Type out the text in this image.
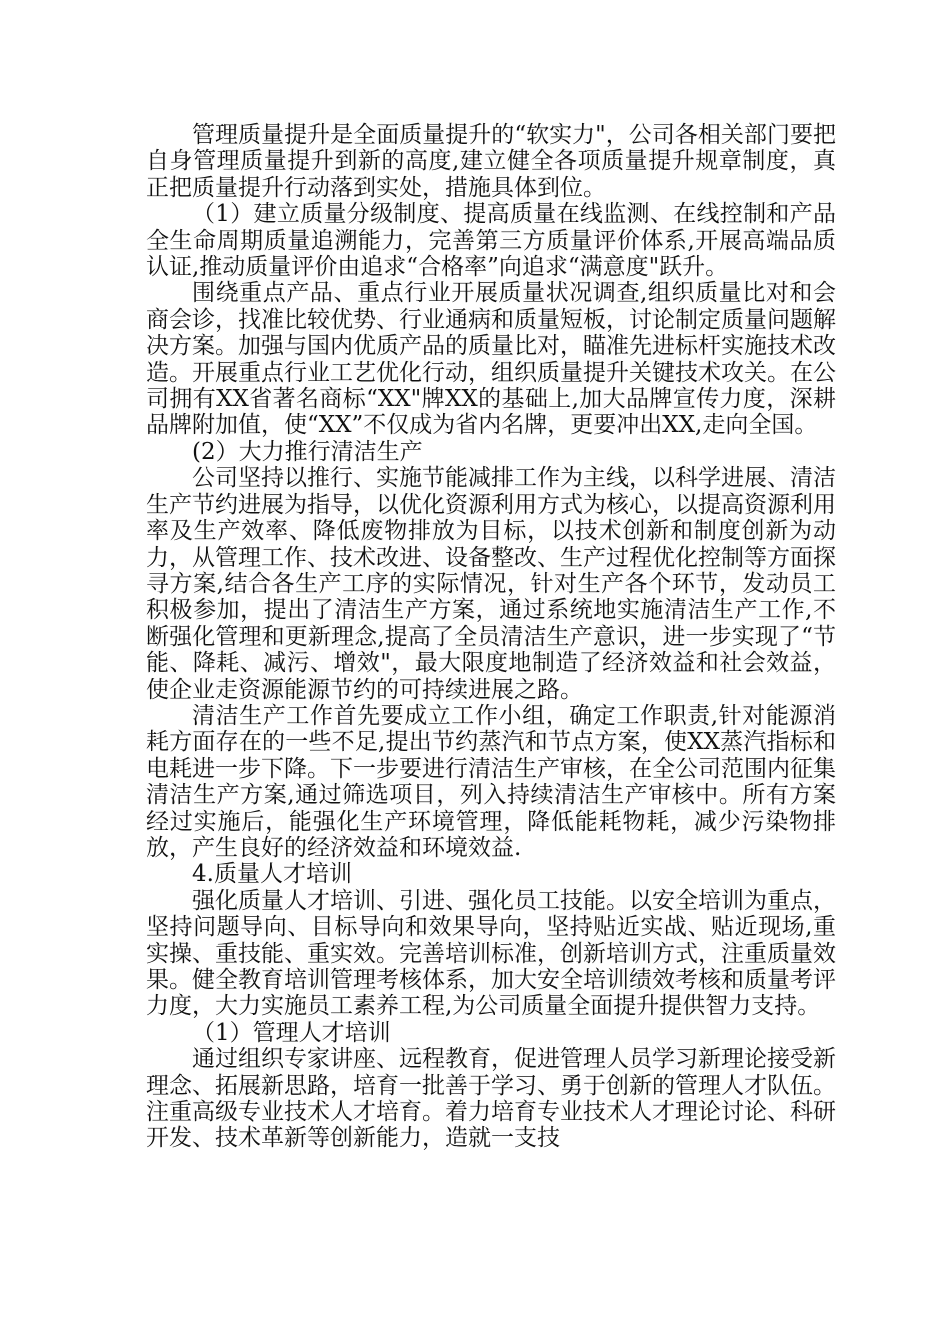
管理质量提升是全面质量提升的“软实力"，公司各相关部门要把自身管理质量提升到新的高度,建立健全各项质量提升规章制度，真正把质量提升行动落到实处，措施具体到位。

（1）建立质量分级制度、提高质量在线监测、在线控制和产品全生命周期质量追溯能力，完善第三方质量评价体系,开展高端品质认证,推动质量评价由追求“合格率”向追求“满意度"跃升。

围绕重点产品、重点行业开展质量状况调查,组织质量比对和会商会诊，找准比较优势、行业通病和质量短板，讨论制定质量问题解决方案。加强与国内优质产品的质量比对，瞄准先进标杆实施技术改造。开展重点行业工艺优化行动，组织质量提升关键技术攻关。在公司拥有XX省著名商标“XX"牌XX的基础上,加大品牌宣传力度，深耕品牌附加值，使“XX”不仅成为省内名牌，更要冲出XX,走向全国。

(2）大力推行清洁生产

公司坚持以推行、实施节能减排工作为主线，以科学进展、清洁生产节约进展为指导，以优化资源利用方式为核心，以提高资源利用率及生产效率、降低废物排放为目标，以技术创新和制度创新为动力，从管理工作、技术改进、设备整改、生产过程优化控制等方面探寻方案,结合各生产工序的实际情况，针对生产各个环节，发动员工积极参加，提出了清洁生产方案，通过系统地实施清洁生产工作,不断强化管理和更新理念,提高了全员清洁生产意识，进一步实现了“节能、降耗、减污、增效"，最大限度地制造了经济效益和社会效益，使企业走资源能源节约的可持续进展之路。

清洁生产工作首先要成立工作小组，确定工作职责,针对能源消耗方面存在的一些不足,提出节约蒸汽和节点方案，使XX蒸汽指标和电耗进一步下降。下一步要进行清洁生产审核，在全公司范围内征集清洁生产方案,通过筛选项目，列入持续清洁生产审核中。所有方案经过实施后，能强化生产环境管理，降低能耗物耗，减少污染物排放，产生良好的经济效益和环境效益.

4.质量人才培训

强化质量人才培训、引进、强化员工技能。以安全培训为重点，坚持问题导向、目标导向和效果导向，坚持贴近实战、贴近现场,重实操、重技能、重实效。完善培训标准，创新培训方式，注重质量效果。健全教育培训管理考核体系，加大安全培训绩效考核和质量考评力度，大力实施员工素养工程,为公司质量全面提升提供智力支持。

（1）管理人才培训

通过组织专家讲座、远程教育，促进管理人员学习新理论接受新理念、拓展新思路，培育一批善于学习、勇于创新的管理人才队伍。注重高级专业技术人才培育。着力培育专业技术人才理论讨论、科研开发、技术革新等创新能力，造就一支技
